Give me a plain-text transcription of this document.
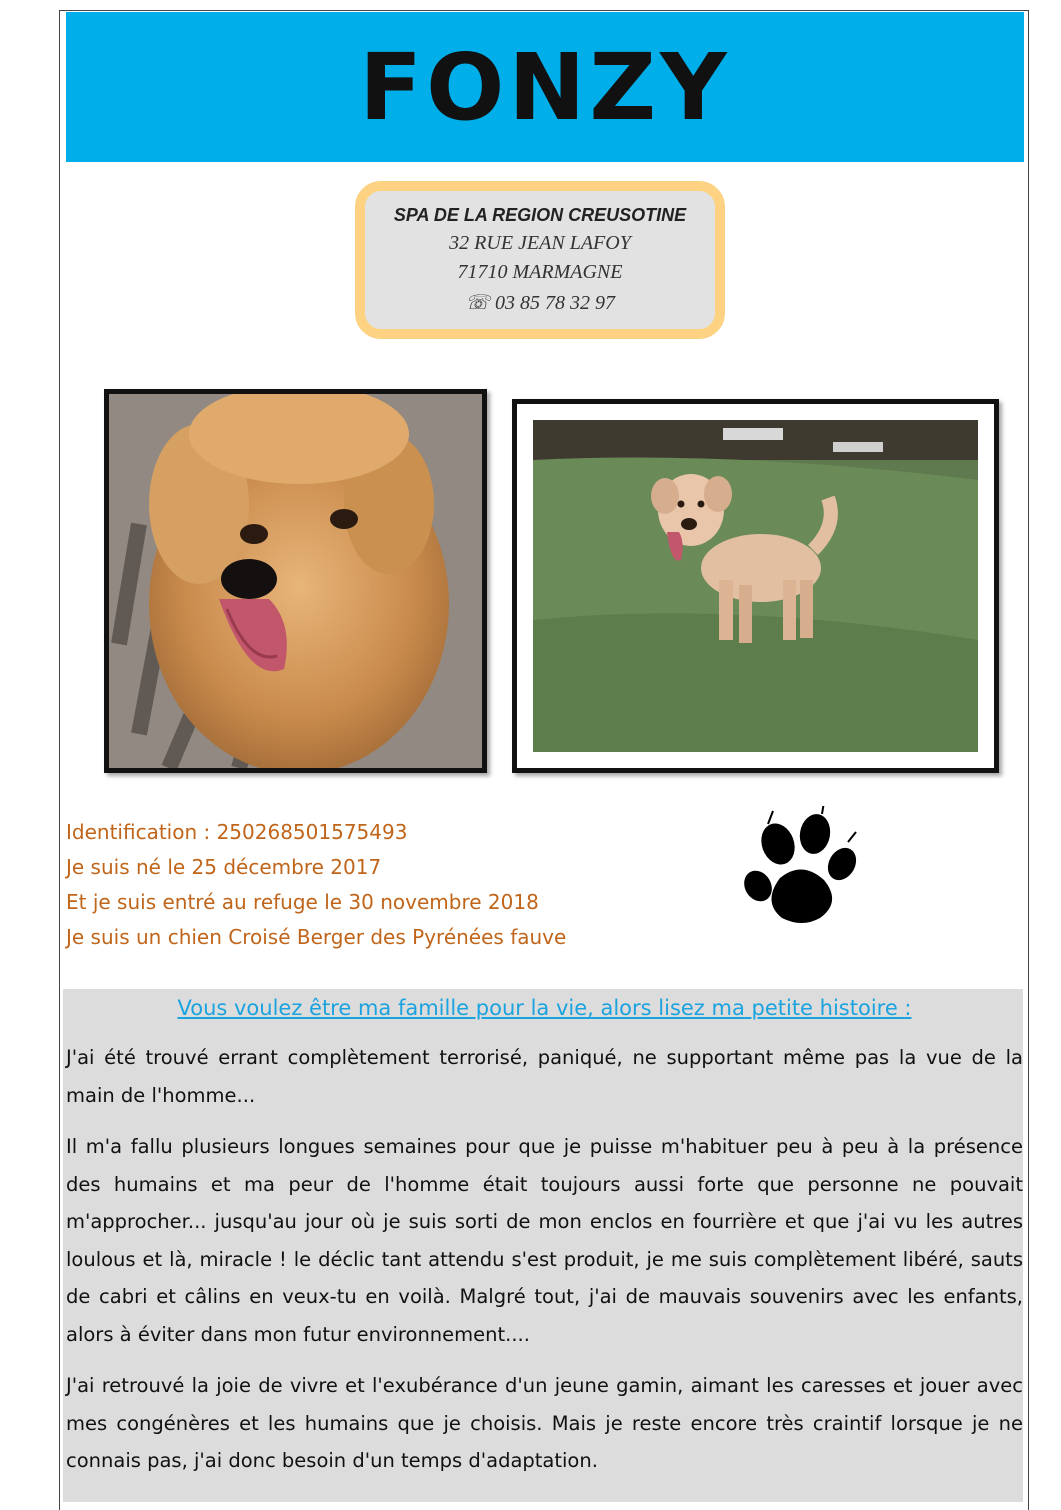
FONZY
SPA DE LA REGION CREUSOTINE
32 RUE JEAN LAFOY
71710 MARMAGNE
☏ 03 85 78 32 97
Identification : 250268501575493
Je suis né le 25 décembre 2017
Et je suis entré au refuge le 30 novembre 2018
Je suis un chien Croisé Berger des Pyrénées fauve
Vous voulez être ma famille pour la vie, alors lisez ma petite histoire :

J'ai été trouvé errant complètement terrorisé, paniqué, ne supportant même pas la vue de la main de l'homme...

Il m'a fallu plusieurs longues semaines pour que je puisse m'habituer peu à peu à la présence des humains et ma peur de l'homme était toujours aussi forte que personne ne pouvait m'approcher... jusqu'au jour où je suis sorti de mon enclos en fourrière et que j'ai vu les autres loulous et là, miracle ! le déclic tant attendu s'est produit, je me suis complètement libéré, sauts de cabri et câlins en veux-tu en voilà. Malgré tout, j'ai de mauvais souvenirs avec les enfants, alors à éviter dans mon futur environnement....

J'ai retrouvé la joie de vivre et l'exubérance d'un jeune gamin, aimant les caresses et jouer avec mes congénères et les humains que je choisis. Mais je reste encore très craintif lorsque je ne connais pas, j'ai donc besoin d'un temps d'adaptation.
